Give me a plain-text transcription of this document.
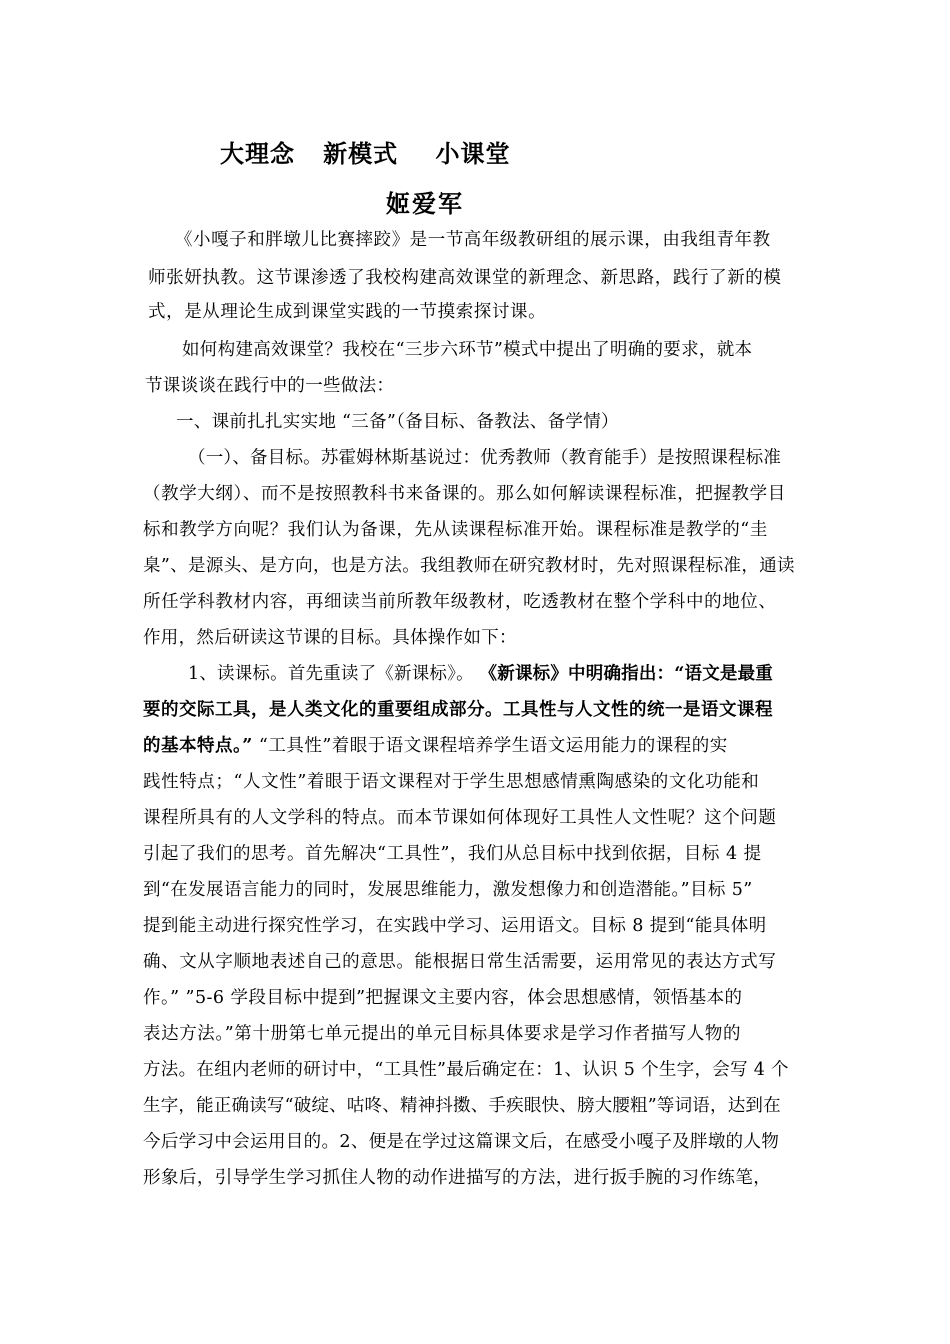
大理念   新模式    小课堂
姬爱军
《小嘎子和胖墩儿比赛摔跤》是一节高年级教研组的展示课，由我组青年教
师张妍执教。这节课渗透了我校构建高效课堂的新理念、新思路，践行了新的模
式，是从理论生成到课堂实践的一节摸索探讨课。
如何构建高效课堂？我校在“三步六环节”模式中提出了明确的要求，就本
节课谈谈在践行中的一些做法：
一、课前扎扎实实地 “三备”（备目标、备教法、备学情）
（一）、备目标。苏霍姆林斯基说过：优秀教师（教育能手）是按照课程标准
（教学大纲）、而不是按照教科书来备课的。那么如何解读课程标准，把握教学目
标和教学方向呢？我们认为备课，先从读课程标准开始。课程标准是教学的“圭
臬”、是源头、是方向，也是方法。我组教师在研究教材时，先对照课程标准，通读
所任学科教材内容，再细读当前所教年级教材，吃透教材在整个学科中的地位、
作用，然后研读这节课的目标。具体操作如下：
1、读课标。首先重读了《新课标》。 《新课标》中明确指出：“语文是最重
要的交际工具，是人类文化的重要组成部分。工具性与人文性的统一是语文课程
的基本特点。” “工具性”着眼于语文课程培养学生语文运用能力的课程的实
践性特点；“人文性”着眼于语文课程对于学生思想感情熏陶感染的文化功能和
课程所具有的人文学科的特点。而本节课如何体现好工具性人文性呢？这个问题
引起了我们的思考。首先解决“工具性”，我们从总目标中找到依据，目标 4 提
到“在发展语言能力的同时，发展思维能力，激发想像力和创造潜能。”目标 5”
提到能主动进行探究性学习，在实践中学习、运用语文。目标 8 提到“能具体明
确、文从字顺地表述自己的意思。能根据日常生活需要，运用常见的表达方式写
作。” ”5-6 学段目标中提到”把握课文主要内容，体会思想感情，领悟基本的
表达方法。”第十册第七单元提出的单元目标具体要求是学习作者描写人物的
方法。在组内老师的研讨中，“工具性”最后确定在：1、认识 5 个生字，会写 4 个
生字，能正确读写“破绽、咕咚、精神抖擞、手疾眼快、膀大腰粗”等词语，达到在
今后学习中会运用目的。2、便是在学过这篇课文后，在感受小嘎子及胖墩的人物
形象后，引导学生学习抓住人物的动作进描写的方法，进行扳手腕的习作练笔，
